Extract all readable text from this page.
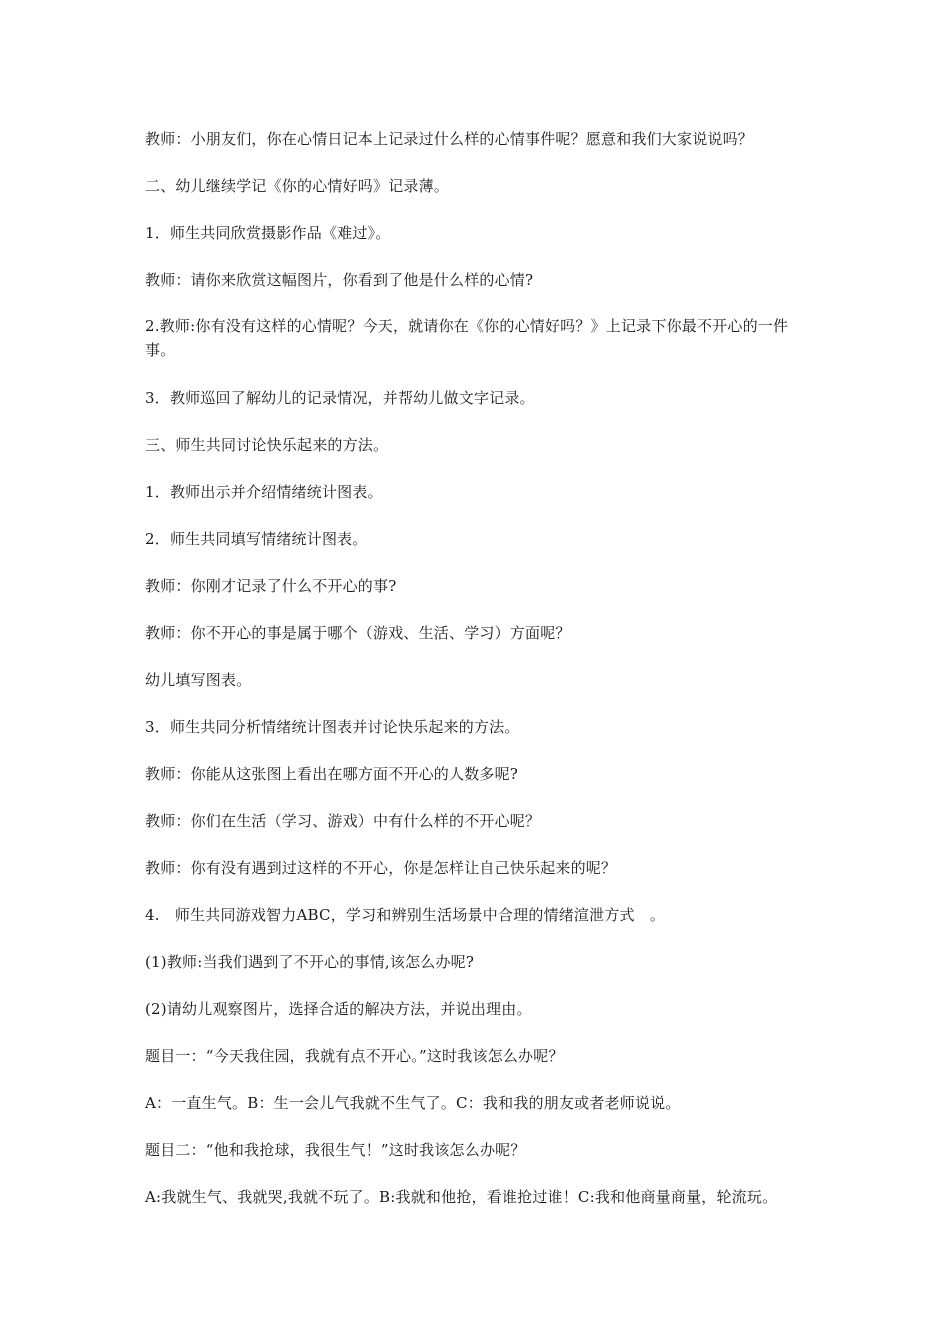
教师：小朋友们，你在心情日记本上记录过什么样的心情事件呢？愿意和我们大家说说吗？
二、幼儿继续学记《你的心情好吗》记录薄。
1．师生共同欣赏摄影作品《难过》。
教师：请你来欣赏这幅图片，你看到了他是什么样的心情?
2.教师:你有没有这样的心情呢？今天，就请你在《你的心情好吗？》上记录下你最不开心的一件事。
3．教师巡回了解幼儿的记录情况，并帮幼儿做文字记录。
三、师生共同讨论快乐起来的方法。
1．教师出示并介绍情绪统计图表。
2．师生共同填写情绪统计图表。
教师：你刚才记录了什么不开心的事?
教师：你不开心的事是属于哪个（游戏、生活、学习）方面呢？
幼儿填写图表。
3．师生共同分析情绪统计图表并讨论快乐起来的方法。
教师：你能从这张图上看出在哪方面不开心的人数多呢?
教师：你们在生活（学习、游戏）中有什么样的不开心呢？
教师：你有没有遇到过这样的不开心，你是怎样让自己快乐起来的呢？
4.　师生共同游戏智力ABC，学习和辨别生活场景中合理的情绪渲泄方式　。
(1)教师:当我们遇到了不开心的事情,该怎么办呢?
(2)请幼儿观察图片，选择合适的解决方法，并说出理由。
题目一：“今天我住园，我就有点不开心。”这时我该怎么办呢？
A：一直生气。B：生一会儿气我就不生气了。C：我和我的朋友或者老师说说。
题目二：“他和我抢球，我很生气！”这时我该怎么办呢？
A:我就生气、我就哭,我就不玩了。B:我就和他抢，看谁抢过谁！C:我和他商量商量，轮流玩。
